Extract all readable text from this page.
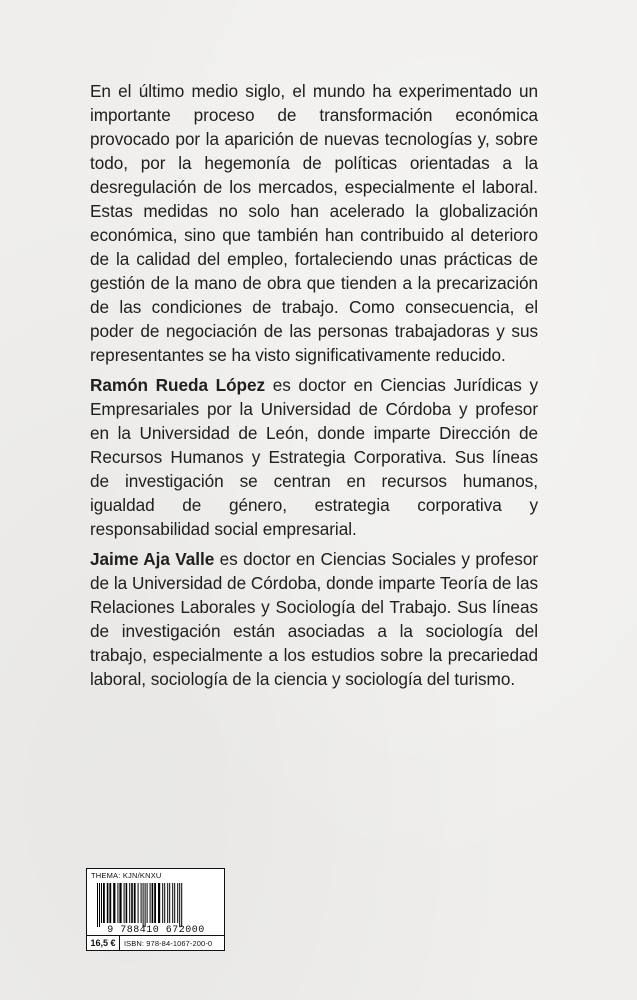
En el último medio siglo, el mundo ha experimentado un importante proceso de transformación económica provocado por la aparición de nuevas tecnologías y, sobre todo, por la hegemonía de políticas orientadas a la desregulación de los mercados, especialmente el laboral. Estas medidas no solo han acelerado la globalización económica, sino que también han contribuido al deterioro de la calidad del empleo, fortaleciendo unas prácticas de gestión de la mano de obra que tienden a la precarización de las condiciones de trabajo. Como consecuencia, el poder de negociación de las personas trabajadoras y sus representantes se ha visto significativamente reducido.

Ramón Rueda López es doctor en Ciencias Jurídicas y Empresariales por la Universidad de Córdoba y profesor en la Universidad de León, donde imparte Dirección de Recursos Humanos y Estrategia Corporativa. Sus líneas de investigación se centran en recursos humanos, igualdad de género, estrategia corporativa y responsabilidad social empresarial.

Jaime Aja Valle es doctor en Ciencias Sociales y profesor de la Universidad de Córdoba, donde imparte Teoría de las Relaciones Laborales y Sociología del Trabajo. Sus líneas de investigación están asociadas a la sociología del trabajo, especialmente a los estudios sobre la precariedad laboral, sociología de la ciencia y sociología del turismo.

THEMA: KJN/KNXU
9 788410 672000
16,5 €	ISBN: 978-84-1067-200-0
